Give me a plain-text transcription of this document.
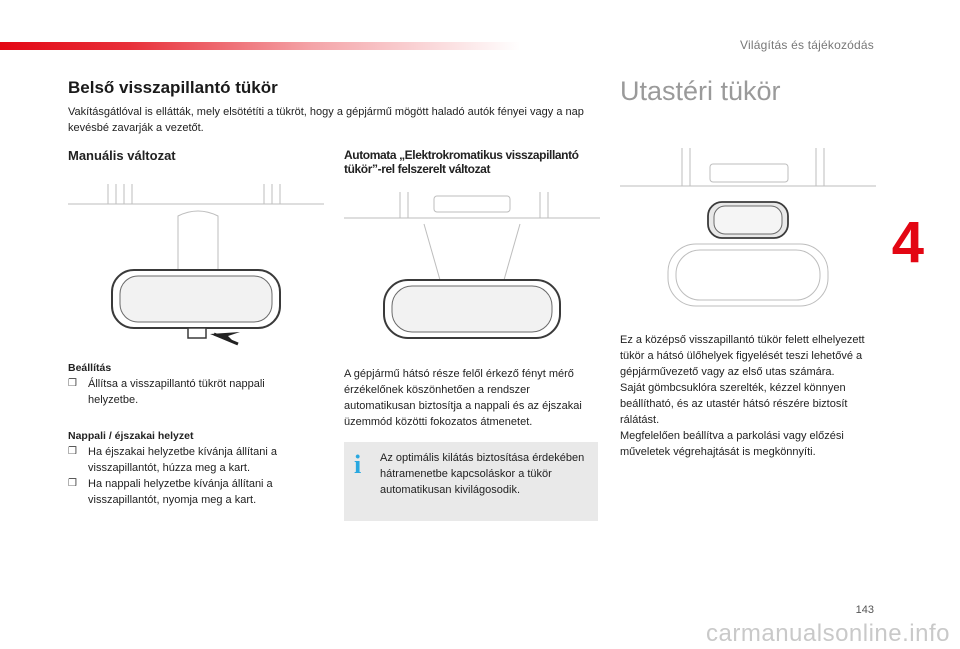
Világítás és tájékozódás
4
Belső visszapillantó tükör
Vakításgátlóval is ellátták, mely elsötétíti a tükröt, hogy a gépjármű mögött haladó autók fényei vagy a nap kevésbé zavarják a vezetőt.
Manuális változat	Automata „Elektrokromatikus visszapillantó tükör”-rel felszerelt változat
Utastéri tükör
Beállítás
❒	Állítsa a visszapillantó tükröt nappali helyzetbe.
Nappali / éjszakai helyzet
❒	Ha éjszakai helyzetbe kívánja állítani a visszapillantót, húzza meg a kart.
❒	Ha nappali helyzetbe kívánja állítani a visszapillantót, nyomja meg a kart.
A gépjármű hátsó része felől érkező fényt mérő érzékelőnek köszönhetően a rendszer automatikusan biztosítja a nappali és az éjszakai üzemmód közötti fokozatos átmenetet.
i Az optimális kilátás biztosítása érdekében hátramenetbe kapcsoláskor a tükör automatikusan kivilágosodik.

Ez a középső visszapillantó tükör felett elhelyezett tükör a hátsó ülőhelyek figyelését teszi lehetővé a gépjárművezető vagy az első utas számára.

Saját gömbcsuklóra szerelték, kézzel könnyen beállítható, és az utastér hátsó részére biztosít rálátást.

Megfelelően beállítva a parkolási vagy előzési műveletek végrehajtását is megkönnyíti.

143
carmanualsonline.info
